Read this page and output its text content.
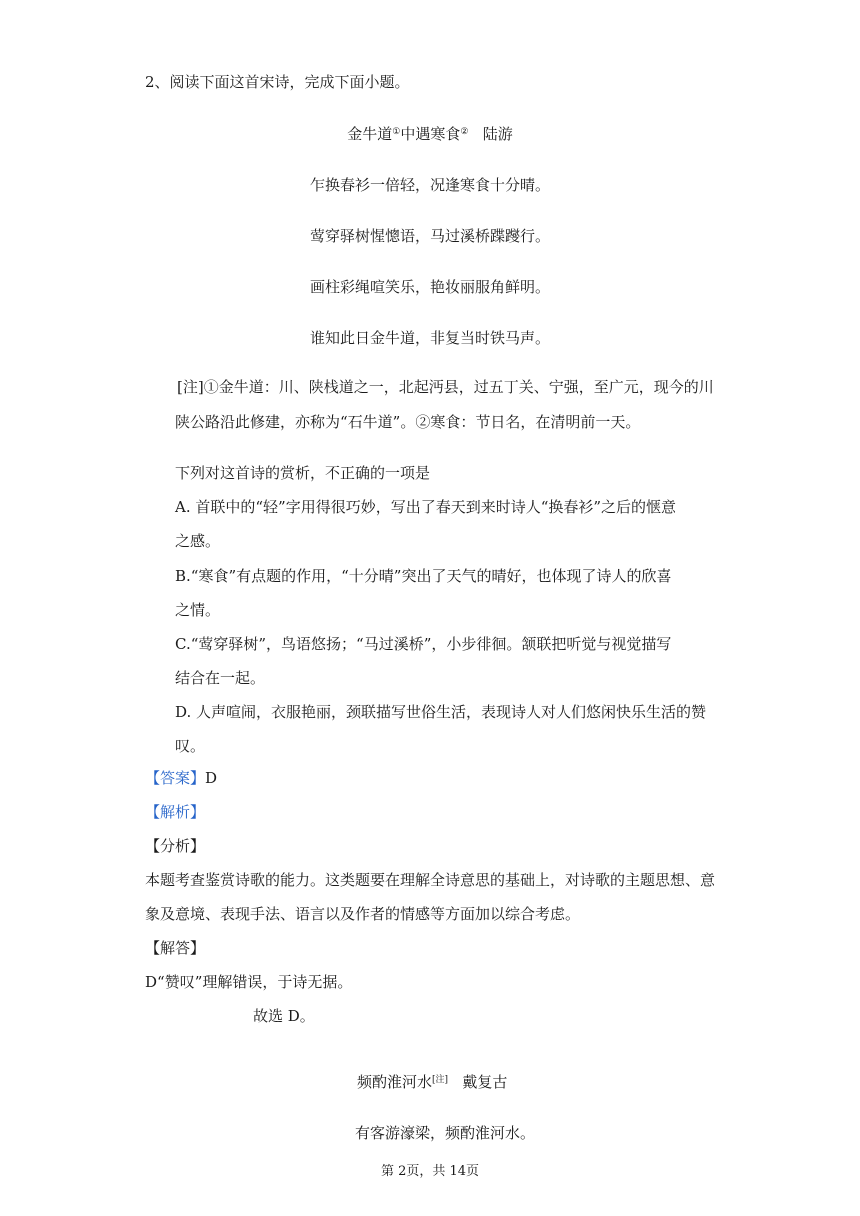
2、阅读下面这首宋诗，完成下面小题。
金牛道①中遇寒食② 陆游
乍换春衫一倍轻，况逢寒食十分晴。
莺穿驿树惺憁语，马过溪桥蹀躞行。
画柱彩绳喧笑乐，艳妆丽服角鲜明。
谁知此日金牛道，非复当时铁马声。
[注]①金牛道：川、陕栈道之一，北起沔县，过五丁关、宁强，至广元，现今的川
陕公路沿此修建，亦称为“石牛道”。②寒食：节日名，在清明前一天。
下列对这首诗的赏析，不正确的一项是
A. 首联中的“轻”字用得很巧妙，写出了春天到来时诗人“换春衫”之后的惬意
之感。
B.“寒食”有点题的作用，“十分晴”突出了天气的晴好，也体现了诗人的欣喜
之情。
C.“莺穿驿树”，鸟语悠扬；“马过溪桥”，小步徘徊。颔联把听觉与视觉描写
结合在一起。
D. 人声喧闹，衣服艳丽，颈联描写世俗生活，表现诗人对人们悠闲快乐生活的赞
叹。
【答案】D
【解析】
【分析】
本题考查鉴赏诗歌的能力。这类题要在理解全诗意思的基础上，对诗歌的主题思想、意
象及意境、表现手法、语言以及作者的情感等方面加以综合考虑。
【解答】
D“赞叹”理解错误，于诗无据。
故选 D。
频酌淮河水[注] 戴复古
有客游濠梁，频酌淮河水。
第 2页，共 14页
